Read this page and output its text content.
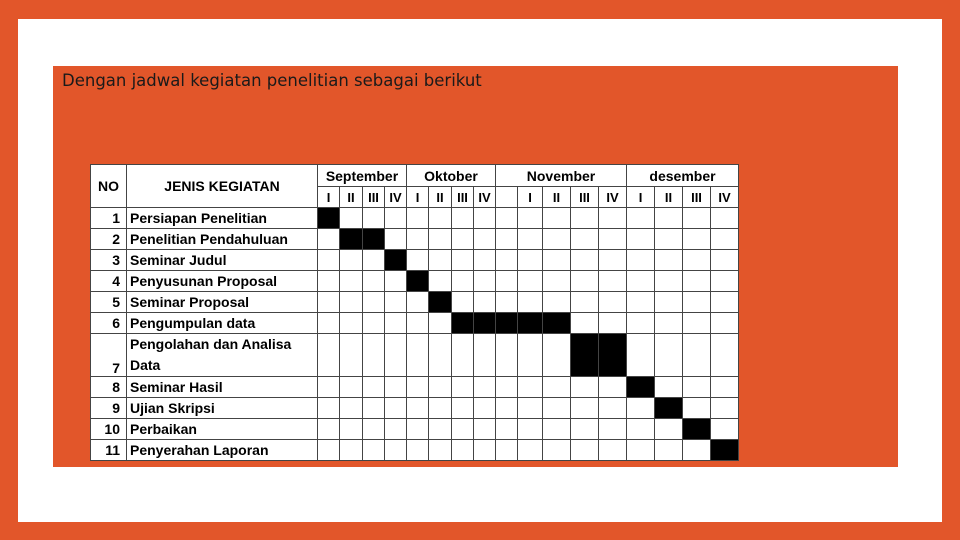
Dengan jadwal kegiatan penelitian sebagai berikut
NO	JENIS KEGIATAN	September				Oktober				November					desember			
		I	II	III	IV	I	II	III	IV		I	II	III	IV	I	II	III	IV
1	Persiapan Penelitian																	
2	Penelitian Pendahuluan																	
3	Seminar Judul																	
4	Penyusunan Proposal																	
5	Seminar Proposal																	
6	Pengumpulan data																	
7	Pengolahan dan Analisa Data																	
8	Seminar Hasil																	
9	Ujian Skripsi																	
10	Perbaikan																	
11	Penyerahan Laporan																	
